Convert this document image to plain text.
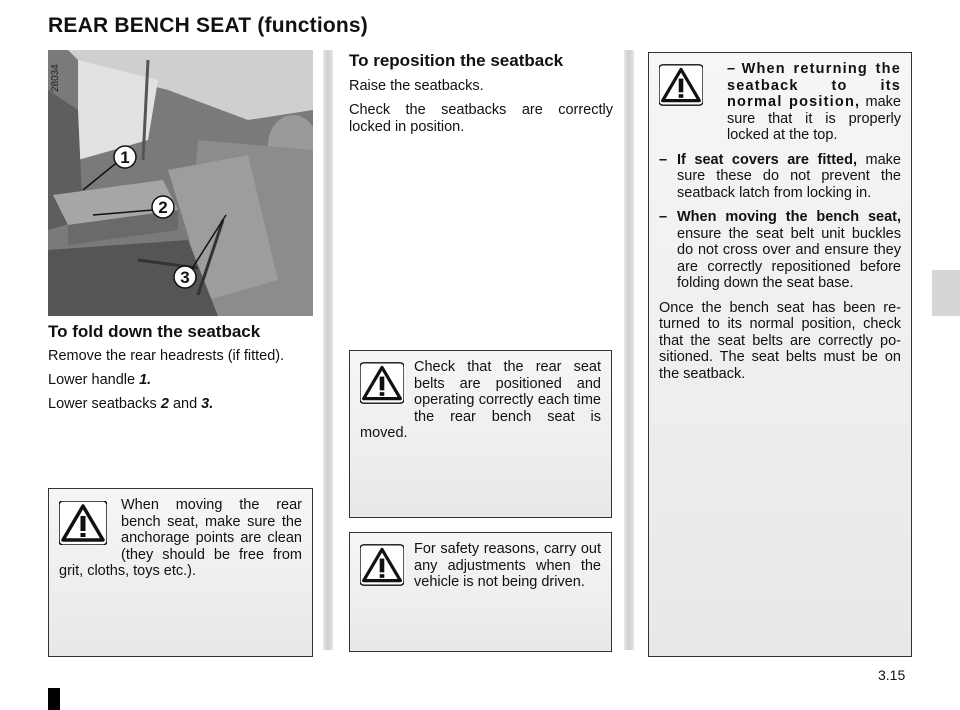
REAR BENCH SEAT (functions)
1
2
3
28034
To fold down the seatback

Remove the rear headrests (if fitted).

Lower handle 1.

Lower seatbacks 2 and 3.

When moving the rear bench seat, make sure the anchorage points are clean (they should be free from grit, cloths, toys etc.).
To reposition the seatback

Raise the seatbacks.

Check the seatbacks are correctly locked in position.

Check that the rear seat belts are positioned and operating correctly each time the rear bench seat is moved.
For safety reasons, carry out any adjustments when the vehicle is not being driven.
– When returning the seatback to its normal position, make sure that it is properly locked at the top.
– If seat covers are fitted, make sure these do not prevent the seatback latch from locking in.
– When moving the bench seat, ensure the seat belt unit buckles do not cross over and ensure they are correctly repositioned before folding down the seat base.
Once the bench seat has been re-turned to its normal position, check that the seat belts are correctly po-sitioned. The seat belts must be on the seatback.
3.15
